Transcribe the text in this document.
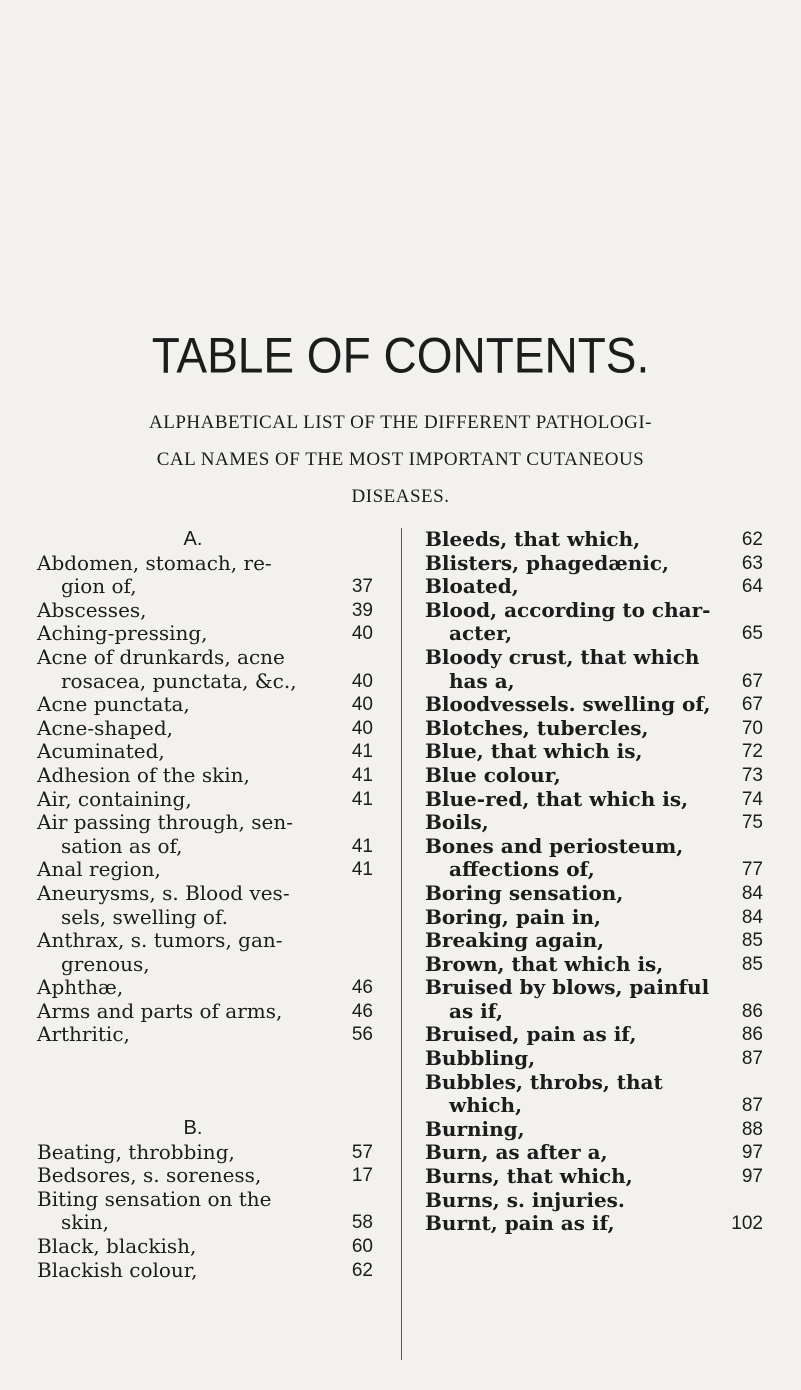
TABLE OF CONTENTS.
ALPHABETICAL LIST OF THE DIFFERENT PATHOLOGI-
CAL NAMES OF THE MOST IMPORTANT CUTANEOUS
DISEASES.
A.
Abdomen, stomach, re-
gion of,	37
Abscesses,	39
Aching-pressing,	40
Acne of drunkards, acne
rosacea, punctata, &c.,	40
Acne punctata,	40
Acne-shaped,	40
Acuminated,	41
Adhesion of the skin,	41
Air, containing,	41
Air passing through, sen-
sation as of,	41
Anal region,	41
Aneurysms, s. Blood ves-
sels, swelling of.
Anthrax, s. tumors, gan-
grenous,
Aphthæ,	46
Arms and parts of arms,	46
Arthritic,	56
B.
Beating, throbbing,	57
Bedsores, s. soreness,	17
Biting sensation on the
skin,	58
Black, blackish,	60
Blackish colour,	62
Bleeds, that which,	62
Blisters, phagedænic,	63
Bloated,	64
Blood, according to char-
acter,	65
Bloody crust, that which
has a,	67
Bloodvessels. swelling of,	67
Blotches, tubercles,	70
Blue, that which is,	72
Blue colour,	73
Blue-red, that which is,	74
Boils,	75
Bones and periosteum,
affections of,	77
Boring sensation,	84
Boring, pain in,	84
Breaking again,	85
Brown, that which is,	85
Bruised by blows, painful
as if,	86
Bruised, pain as if,	86
Bubbling,	87
Bubbles, throbs, that
which,	87
Burning,	88
Burn, as after a,	97
Burns, that which,	97
Burns, s. injuries.
Burnt, pain as if,	102
